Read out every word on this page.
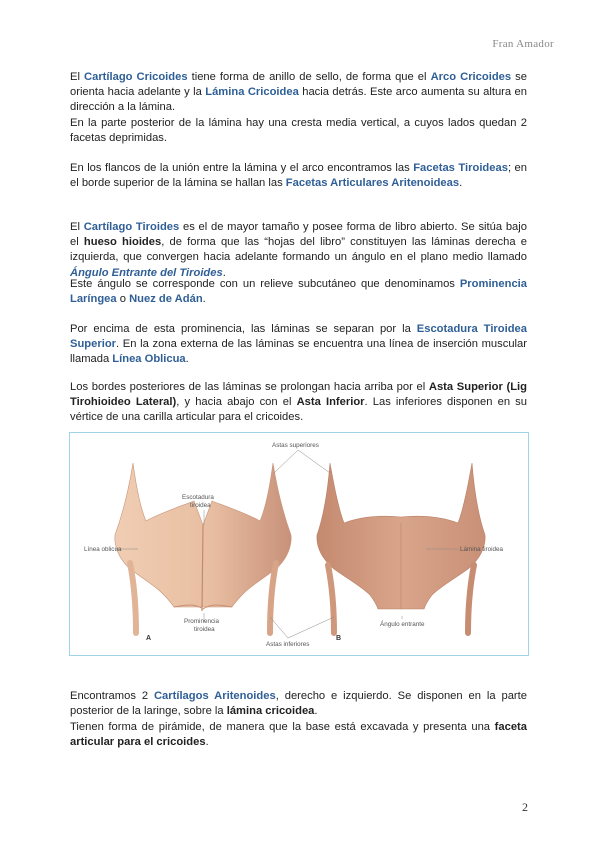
Fran Amador

El Cartílago Cricoides tiene forma de anillo de sello, de forma que el Arco Cricoides se orienta hacia adelante y la Lámina Cricoidea hacia detrás. Este arco aumenta su altura en dirección a la lámina.

En la parte posterior de la lámina hay una cresta media vertical, a cuyos lados quedan 2 facetas deprimidas.

En los flancos de la unión entre la lámina y el arco encontramos las Facetas Tiroideas; en el borde superior de la lámina se hallan las Facetas Articulares Aritenoideas.

El Cartílago Tiroides es el de mayor tamaño y posee forma de libro abierto. Se sitúa bajo el hueso hioides, de forma que las “hojas del libro” constituyen las láminas derecha e izquierda, que convergen hacia adelante formando un ángulo en el plano medio llamado Ángulo Entrante del Tiroides.

Este ángulo se corresponde con un relieve subcutáneo que denominamos Prominencia Laríngea o Nuez de Adán.

Por encima de esta prominencia, las láminas se separan por la Escotadura Tiroidea Superior. En la zona externa de las láminas se encuentra una línea de inserción muscular llamada Línea Oblicua.

Los bordes posteriores de las láminas se prolongan hacia arriba por el Asta Superior (Lig Tirohioideo Lateral), y hacia abajo con el Asta Inferior. Las inferiores disponen en su vértice de una carilla articular para el cricoides.

Astas superiores
Escotadura
tiroidea
Línea oblicua	Lámina tiroidea
Prominencia
tiroidea
Ángulo entrante
Astas inferiores
A	B

Encontramos 2 Cartílagos Aritenoides, derecho e izquierdo. Se disponen en la parte posterior de la laringe, sobre la lámina cricoidea.

Tienen forma de pirámide, de manera que la base está excavada y presenta una faceta articular para el cricoides.

2
